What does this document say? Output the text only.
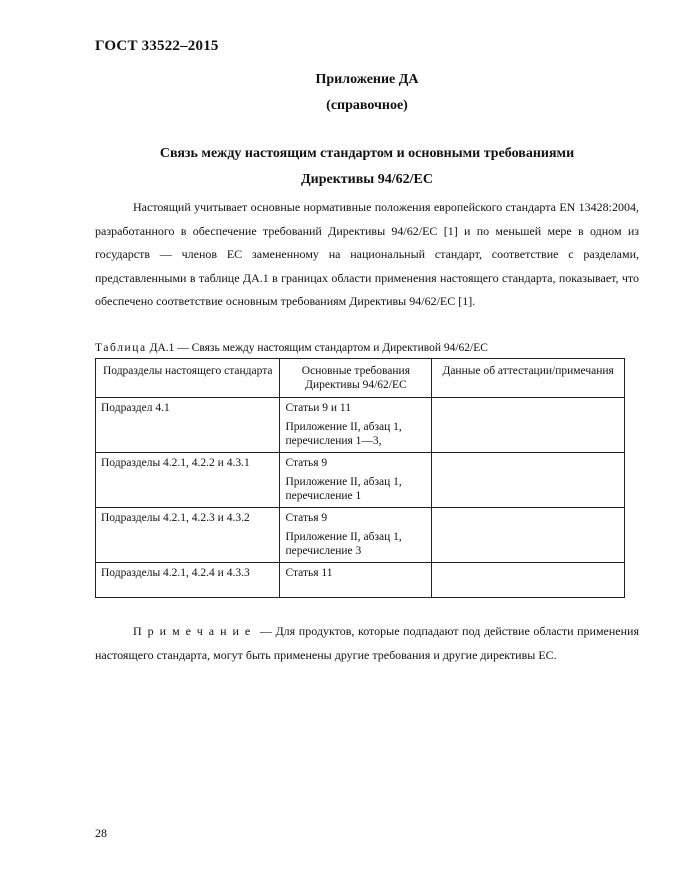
ГОСТ 33522–2015
Приложение ДА
(справочное)
Связь между настоящим стандартом и основными требованиями
Директивы 94/62/ЕС

Настоящий учитывает основные нормативные положения европейского стандарта EN 13428:2004, разработанного в обеспечение требований Директивы 94/62/ЕС [1] и по меньшей мере в одном из государств — членов ЕС замененному на национальный стандарт, соответствие с разделами, представленными в таблице ДА.1 в границах области применения настоящего стандарта, показывает, что обеспечено соответствие основным требованиям Директивы 94/62/ЕС [1].

Таблица ДА.1 — Связь между настоящим стандартом и Директивой 94/62/ЕС
Подразделы настоящего стандарта	Основные требования Директивы 94/62/ЕС	Данные об аттестации/примечания
Подраздел 4.1	Статьи 9 и 11
Приложение II, абзац 1, перечисления 1—3,	

Подразделы 4.2.1, 4.2.2 и 4.3.1	Статья 9
Приложение II, абзац 1, перечисление 1	

Подразделы 4.2.1, 4.2.3 и 4.3.2	Статья 9
Приложение II, абзац 1, перечисление 3	

Подразделы 4.2.1, 4.2.4 и 4.3.3	Статья 11	

Примечание — Для продуктов, которые подпадают под действие области применения настоящего стандарта, могут быть применены другие требования и другие директивы ЕС.

28
